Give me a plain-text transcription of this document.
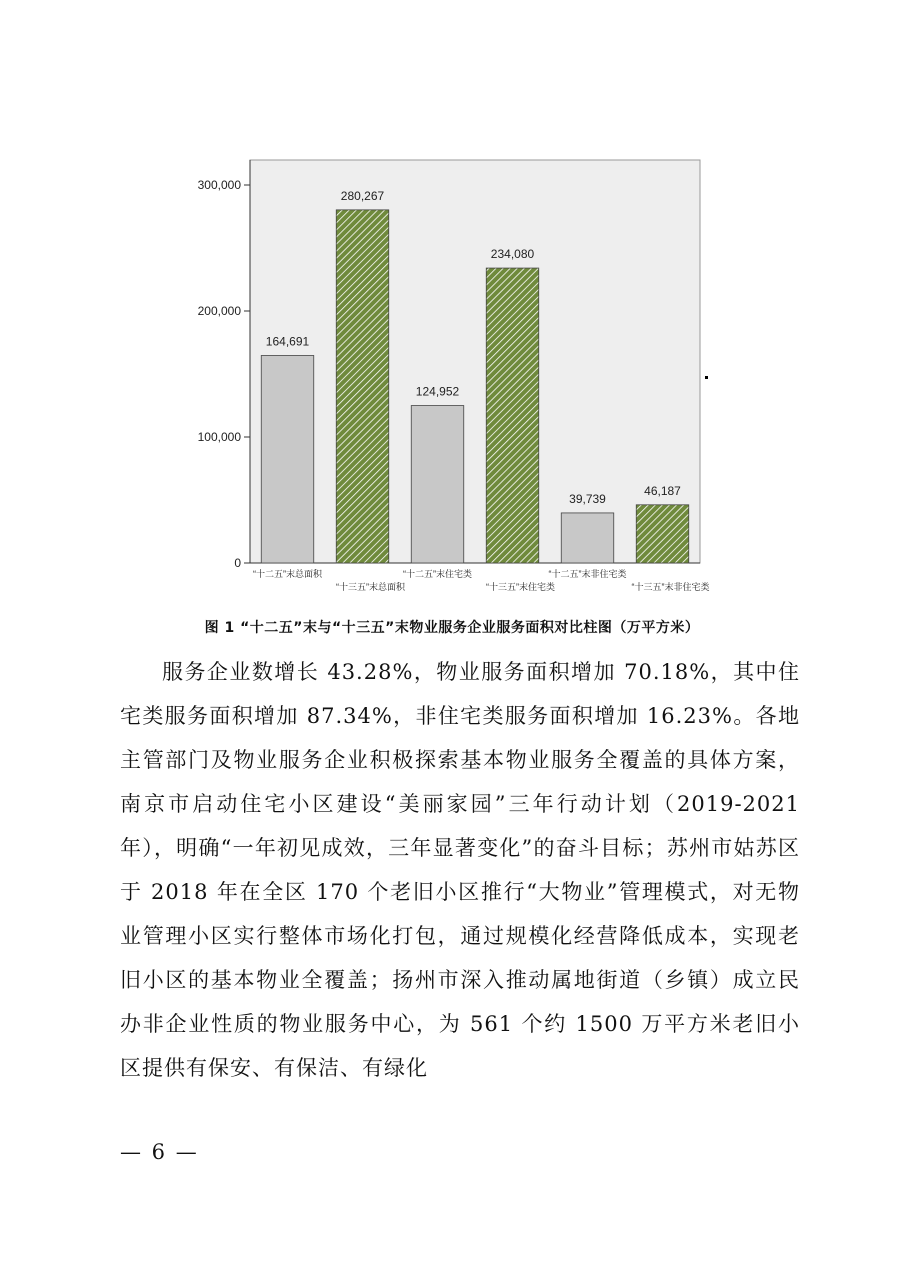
0
100,000
200,000
300,000
164,691
280,267
124,952
234,080
39,739
46,187
“十二五”末总面积
“十三五”末总面积
“十二五”末住宅类
“十三五”末住宅类
“十二五”末非住宅类
“十三五”末非住宅类
图 1 “十二五”末与“十三五”末物业服务企业服务面积对比柱图（万平方米）

服务企业数增长 43.28%，物业服务面积增加 70.18%，其中住宅类服务面积增加 87.34%，非住宅类服务面积增加 16.23%。各地主管部门及物业服务企业积极探索基本物业服务全覆盖的具体方案，南京市启动住宅小区建设“美丽家园”三年行动计划（2019-2021 年），明确“一年初见成效，三年显著变化”的奋斗目标；苏州市姑苏区于 2018 年在全区 170 个老旧小区推行“大物业”管理模式，对无物业管理小区实行整体市场化打包，通过规模化经营降低成本，实现老旧小区的基本物业全覆盖；扬州市深入推动属地街道（乡镇）成立民办非企业性质的物业服务中心，为 561 个约 1500 万平方米老旧小区提供有保安、有保洁、有绿化

— 6 —
